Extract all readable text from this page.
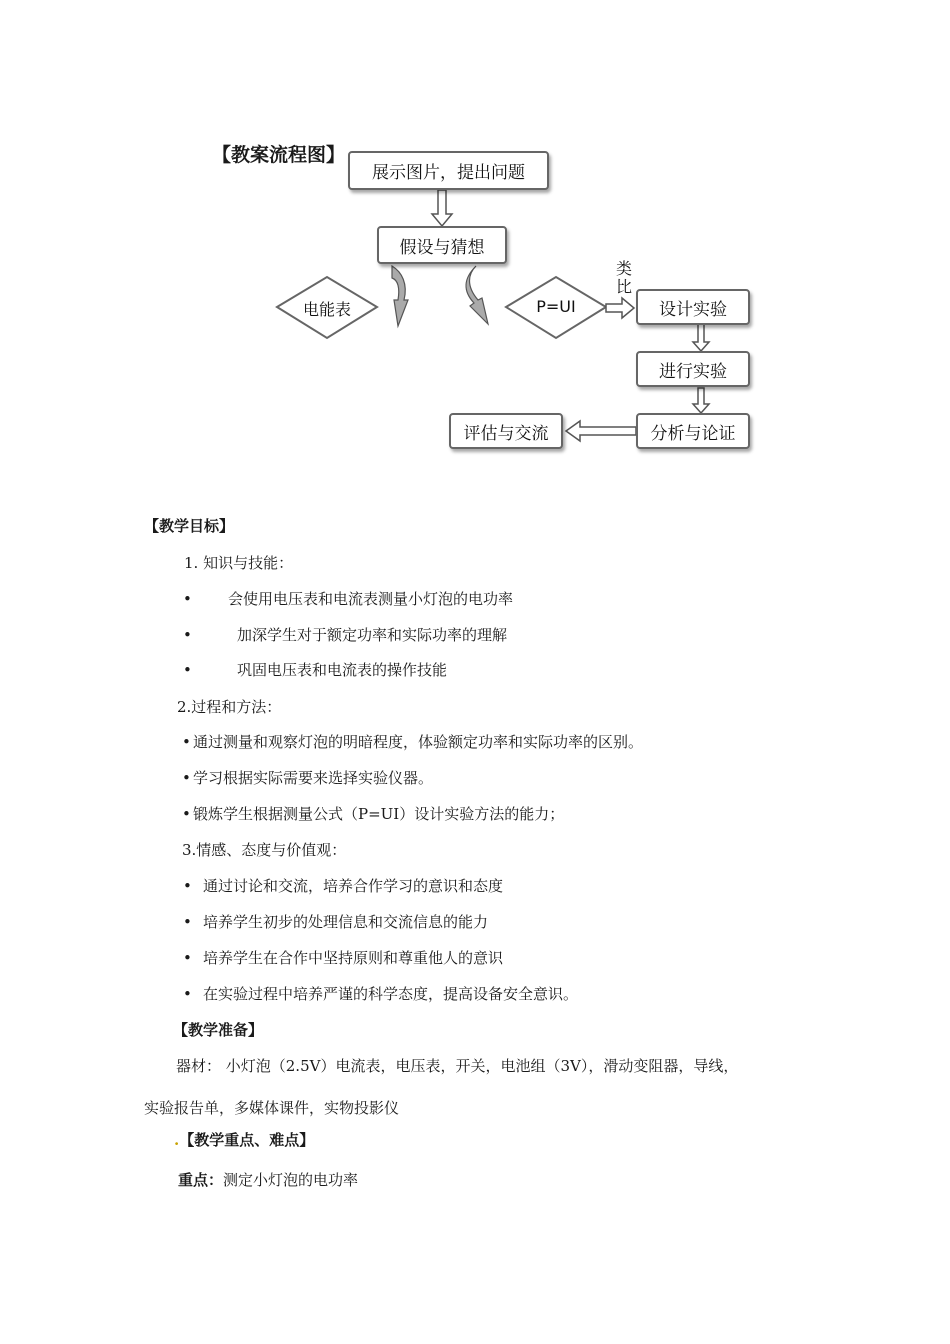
【教案流程图】
展示图片，提出问题
假设与猜想
电能表	P=UI
类
比
设计实验
进行实验
分析与论证
评估与交流
【教学目标】
1. 知识与技能：
• 会使用电压表和电流表测量小灯泡的电功率
•	加深学生对于额定功率和实际功率的理解
•	巩固电压表和电流表的操作技能
2.过程和方法：
• 通过测量和观察灯泡的明暗程度，体验额定功率和实际功率的区别。
• 学习根据实际需要来选择实验仪器。
• 锻炼学生根据测量公式（P=UI）设计实验方法的能力；
3.情感、态度与价值观：
• 通过讨论和交流，培养合作学习的意识和态度
• 培养学生初步的处理信息和交流信息的能力
• 培养学生在合作中坚持原则和尊重他人的意识
• 在实验过程中培养严谨的科学态度，提高设备安全意识。
【教学准备】
器材： 小灯泡（2.5V）电流表，电压表，开关，电池组（3V），滑动变阻器，导线，
实验报告单，多媒体课件，实物投影仪
.【教学重点、难点】
重点：测定小灯泡的电功率
